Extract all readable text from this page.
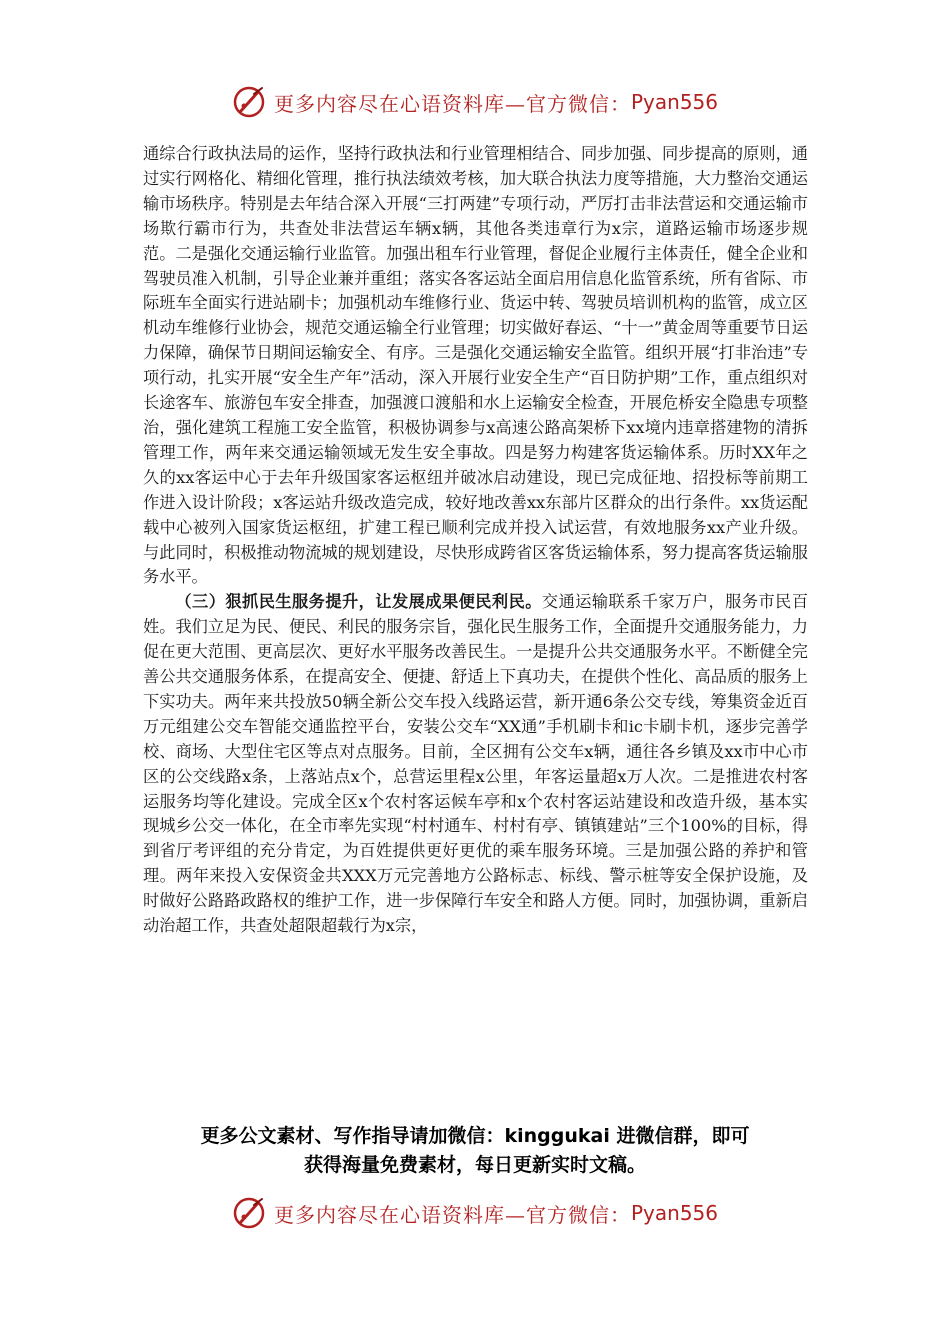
更多内容尽在心语资料库—官方微信： Pyan556

通综合行政执法局的运作，坚持行政执法和行业管理相结合、同步加强、同步提高的原则，通过实行网格化、精细化管理，推行执法绩效考核，加大联合执法力度等措施，大力整治交通运输市场秩序。特别是去年结合深入开展“三打两建”专项行动，严厉打击非法营运和交通运输市场欺行霸市行为，共查处非法营运车辆x辆，其他各类违章行为x宗，道路运输市场逐步规范。二是强化交通运输行业监管。加强出租车行业管理，督促企业履行主体责任，健全企业和驾驶员准入机制，引导企业兼并重组；落实各客运站全面启用信息化监管系统，所有省际、市际班车全面实行进站刷卡；加强机动车维修行业、货运中转、驾驶员培训机构的监管，成立区机动车维修行业协会，规范交通运输全行业管理；切实做好春运、“十一”黄金周等重要节日运力保障，确保节日期间运输安全、有序。三是强化交通运输安全监管。组织开展“打非治违”专项行动，扎实开展“安全生产年”活动，深入开展行业安全生产“百日防护期”工作，重点组织对长途客车、旅游包车安全排查，加强渡口渡船和水上运输安全检查，开展危桥安全隐患专项整治，强化建筑工程施工安全监管，积极协调参与x高速公路高架桥下xx境内违章搭建物的清拆管理工作，两年来交通运输领域无发生安全事故。四是努力构建客货运输体系。历时XX年之久的xx客运中心于去年升级国家客运枢纽并破冰启动建设，现已完成征地、招投标等前期工作进入设计阶段；x客运站升级改造完成，较好地改善xx东部片区群众的出行条件。xx货运配载中心被列入国家货运枢纽，扩建工程已顺利完成并投入试运营，有效地服务xx产业升级。与此同时，积极推动物流城的规划建设，尽快形成跨省区客货运输体系，努力提高客货运输服务水平。

（三）狠抓民生服务提升，让发展成果便民利民。交通运输联系千家万户，服务市民百姓。我们立足为民、便民、利民的服务宗旨，强化民生服务工作，全面提升交通服务能力，力促在更大范围、更高层次、更好水平服务改善民生。一是提升公共交通服务水平。不断健全完善公共交通服务体系，在提高安全、便捷、舒适上下真功夫，在提供个性化、高品质的服务上下实功夫。两年来共投放50辆全新公交车投入线路运营，新开通6条公交专线，筹集资金近百万元组建公交车智能交通监控平台，安装公交车“XX通”手机刷卡和ic卡刷卡机，逐步完善学校、商场、大型住宅区等点对点服务。目前，全区拥有公交车x辆，通往各乡镇及xx市中心市区的公交线路x条，上落站点x个，总营运里程x公里，年客运量超x万人次。二是推进农村客运服务均等化建设。完成全区x个农村客运候车亭和x个农村客运站建设和改造升级，基本实现城乡公交一体化，在全市率先实现“村村通车、村村有亭、镇镇建站”三个100%的目标，得到省厅考评组的充分肯定，为百姓提供更好更优的乘车服务环境。三是加强公路的养护和管理。两年来投入安保资金共XXX万元完善地方公路标志、标线、警示桩等安全保护设施，及时做好公路路政路权的维护工作，进一步保障行车安全和路人方便。同时，加强协调，重新启动治超工作，共查处超限超载行为x宗，

更多公文素材、写作指导请加微信：kinggukai 进微信群，即可
获得海量免费素材，每日更新实时文稿。
更多内容尽在心语资料库—官方微信： Pyan556
